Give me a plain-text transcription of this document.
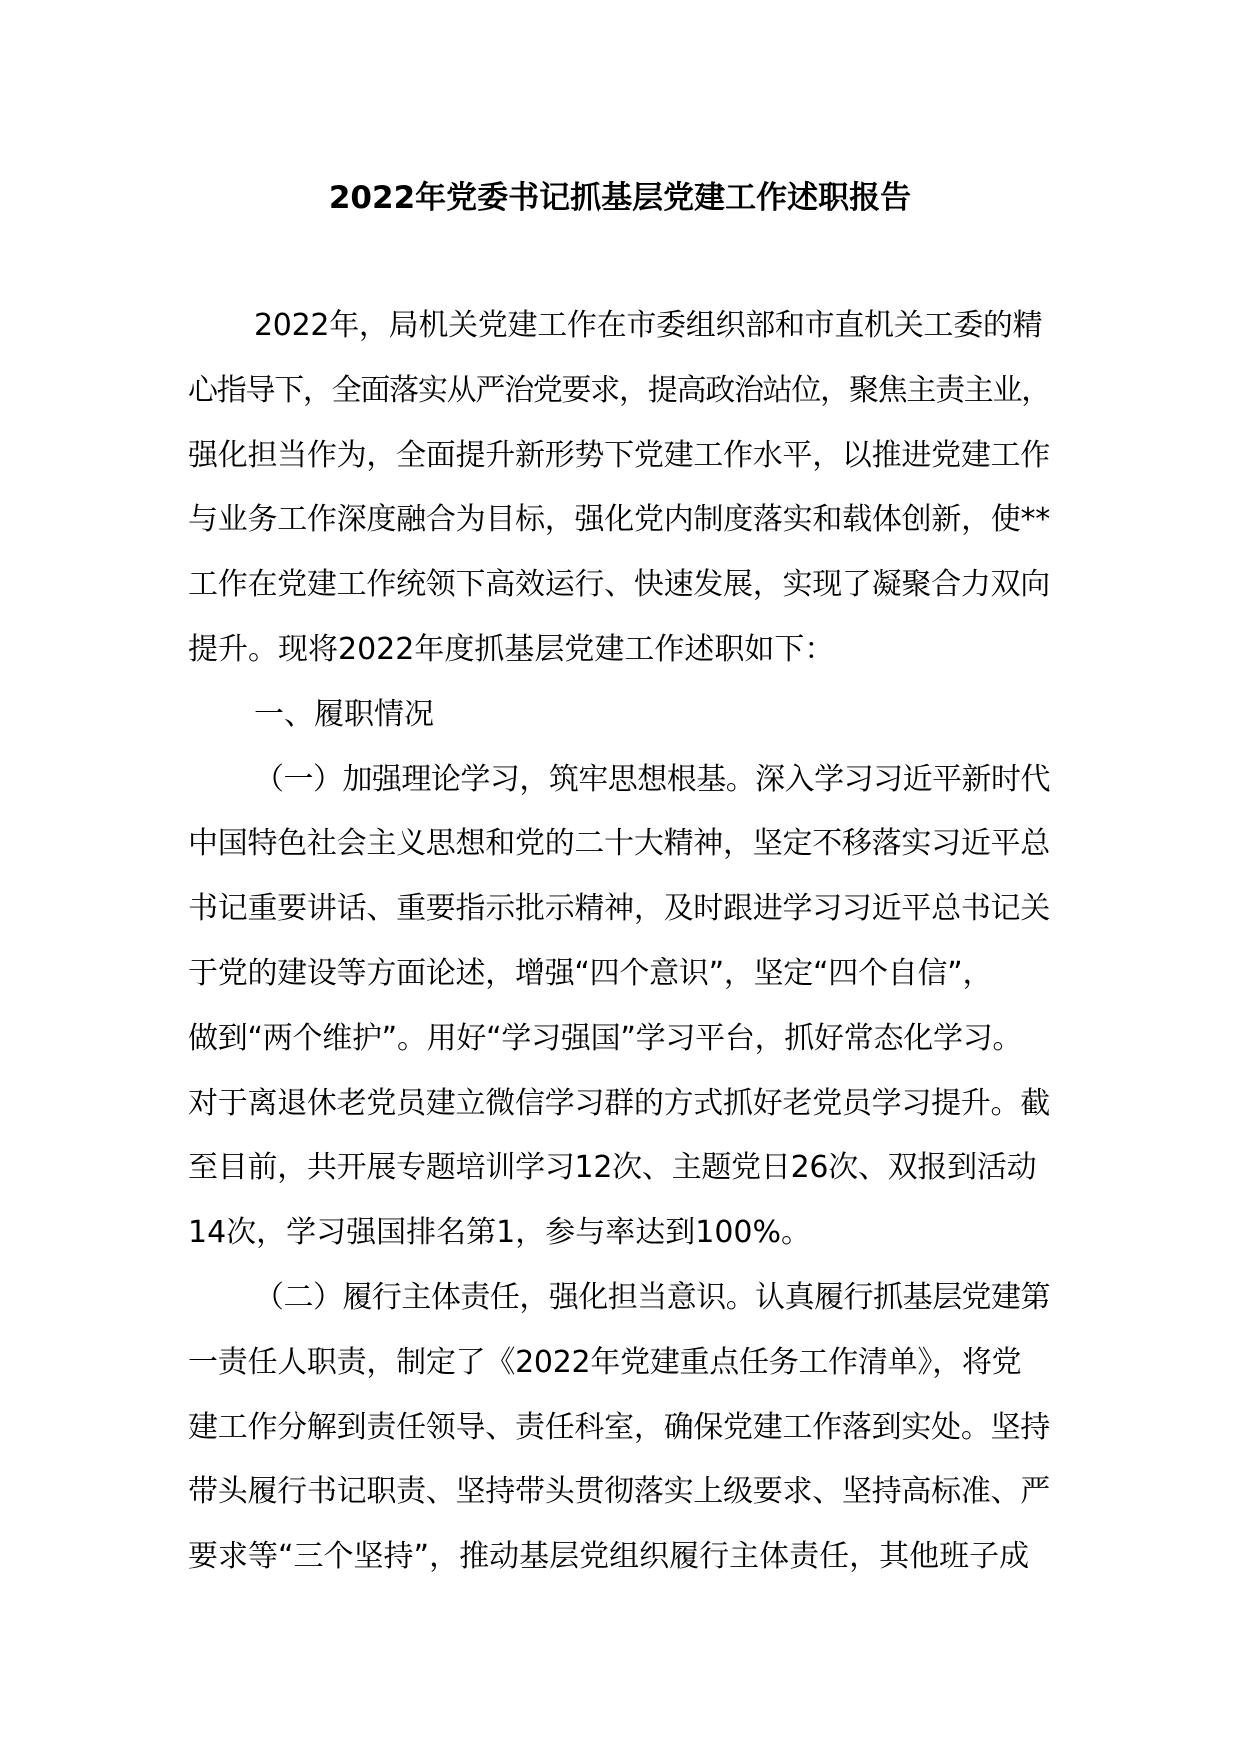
2022年党委书记抓基层党建工作述职报告
2022年，局机关党建工作在市委组织部和市直机关工委的精
心指导下，全面落实从严治党要求，提高政治站位，聚焦主责主业，
强化担当作为，全面提升新形势下党建工作水平，以推进党建工作
与业务工作深度融合为目标，强化党内制度落实和载体创新，使**
工作在党建工作统领下高效运行、快速发展，实现了凝聚合力双向
提升。现将2022年度抓基层党建工作述职如下：
一、履职情况
（一）加强理论学习，筑牢思想根基。深入学习习近平新时代
中国特色社会主义思想和党的二十大精神，坚定不移落实习近平总
书记重要讲话、重要指示批示精神，及时跟进学习习近平总书记关
于党的建设等方面论述，增强“四个意识”，坚定“四个自信”，
做到“两个维护”。用好“学习强国”学习平台，抓好常态化学习。
对于离退休老党员建立微信学习群的方式抓好老党员学习提升。截
至目前，共开展专题培训学习12次、主题党日26次、双报到活动
14次，学习强国排名第1，参与率达到100%。
（二）履行主体责任，强化担当意识。认真履行抓基层党建第
一责任人职责，制定了《2022年党建重点任务工作清单》，将党
建工作分解到责任领导、责任科室，确保党建工作落到实处。坚持
带头履行书记职责、坚持带头贯彻落实上级要求、坚持高标准、严
要求等“三个坚持”，推动基层党组织履行主体责任，其他班子成
